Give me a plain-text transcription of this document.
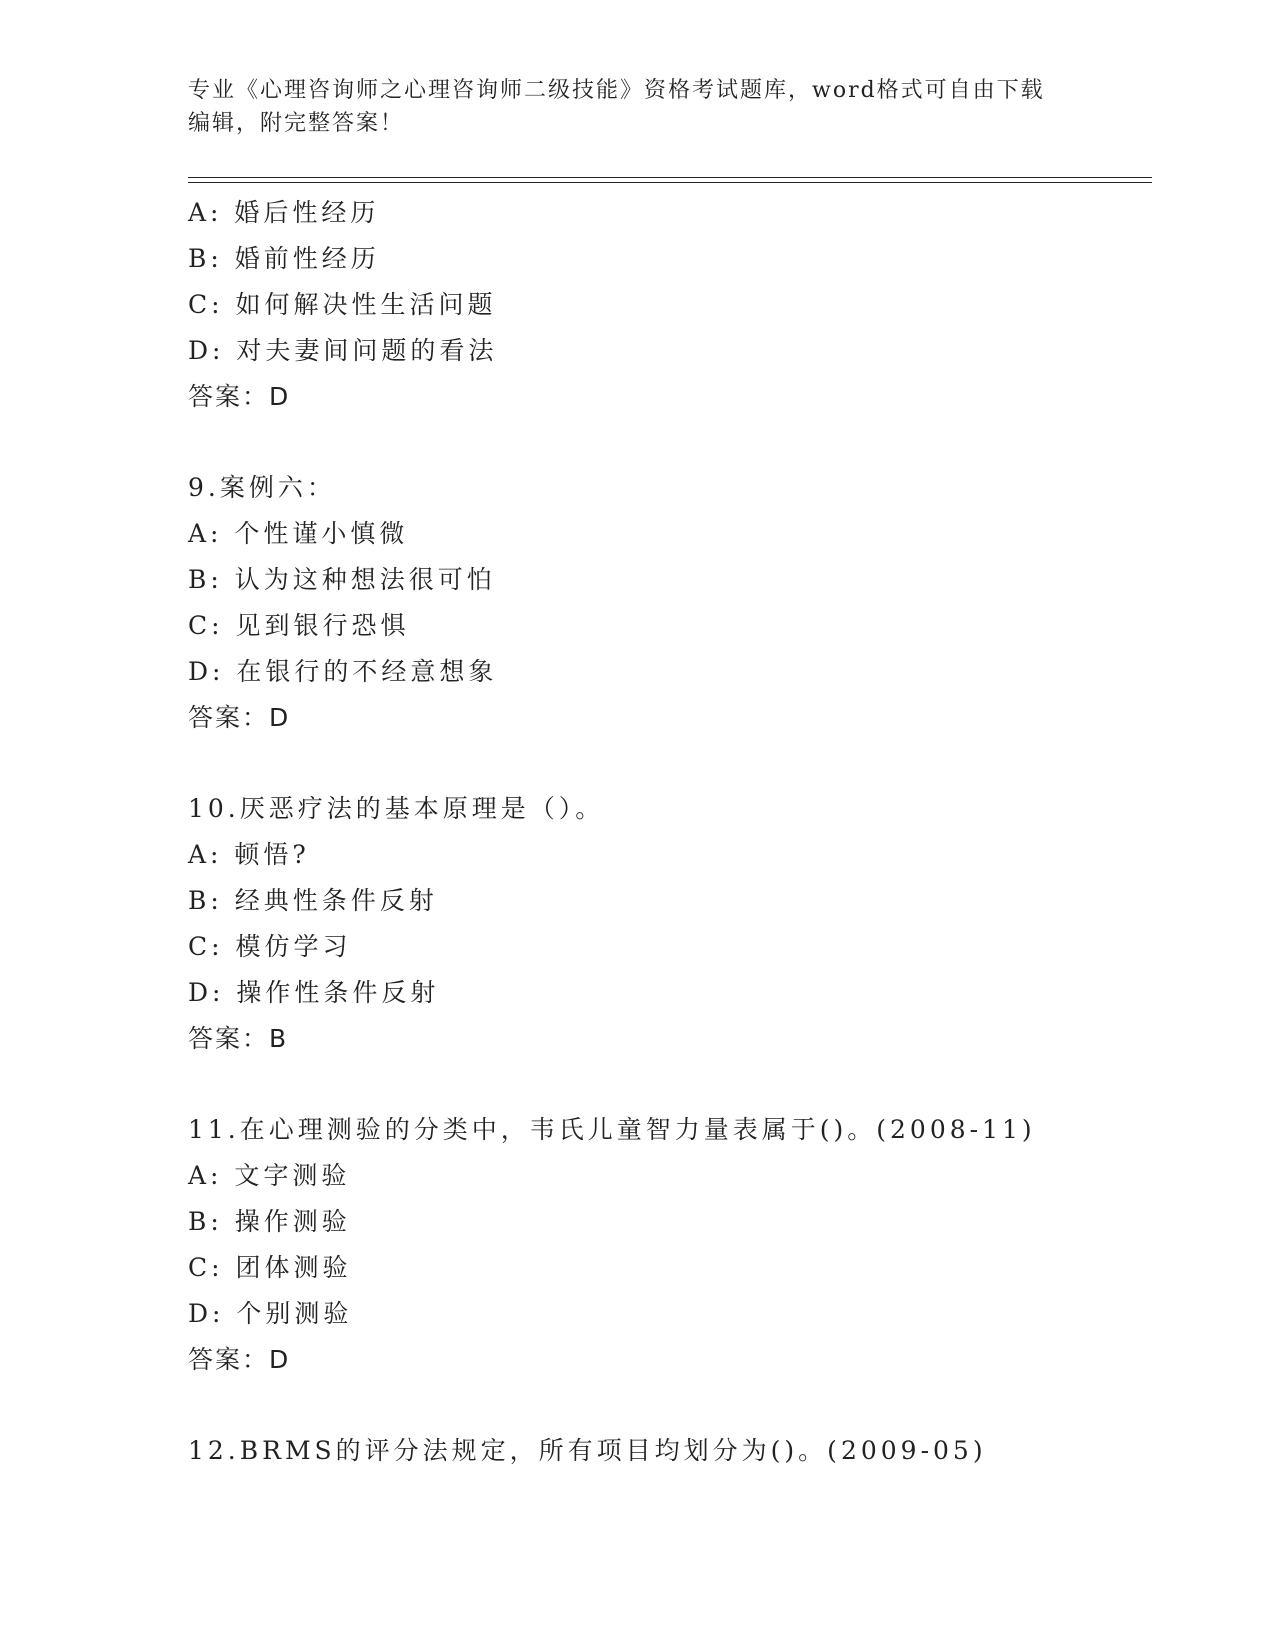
专业《心理咨询师之心理咨询师二级技能》资格考试题库，word格式可自由下载
编辑，附完整答案！
A: 婚后性经历
B: 婚前性经历
C: 如何解决性生活问题
D: 对夫妻间问题的看法
答案：D
9.案例六：
A: 个性谨小慎微
B: 认为这种想法很可怕
C: 见到银行恐惧
D: 在银行的不经意想象
答案：D
10.厌恶疗法的基本原理是（）。
A: 顿悟?
B: 经典性条件反射
C: 模仿学习
D: 操作性条件反射
答案：B
11.在心理测验的分类中，韦氏儿童智力量表属于()。(2008-11)
A: 文字测验
B: 操作测验
C: 团体测验
D: 个别测验
答案：D
12.BRMS的评分法规定，所有项目均划分为()。(2009-05)
